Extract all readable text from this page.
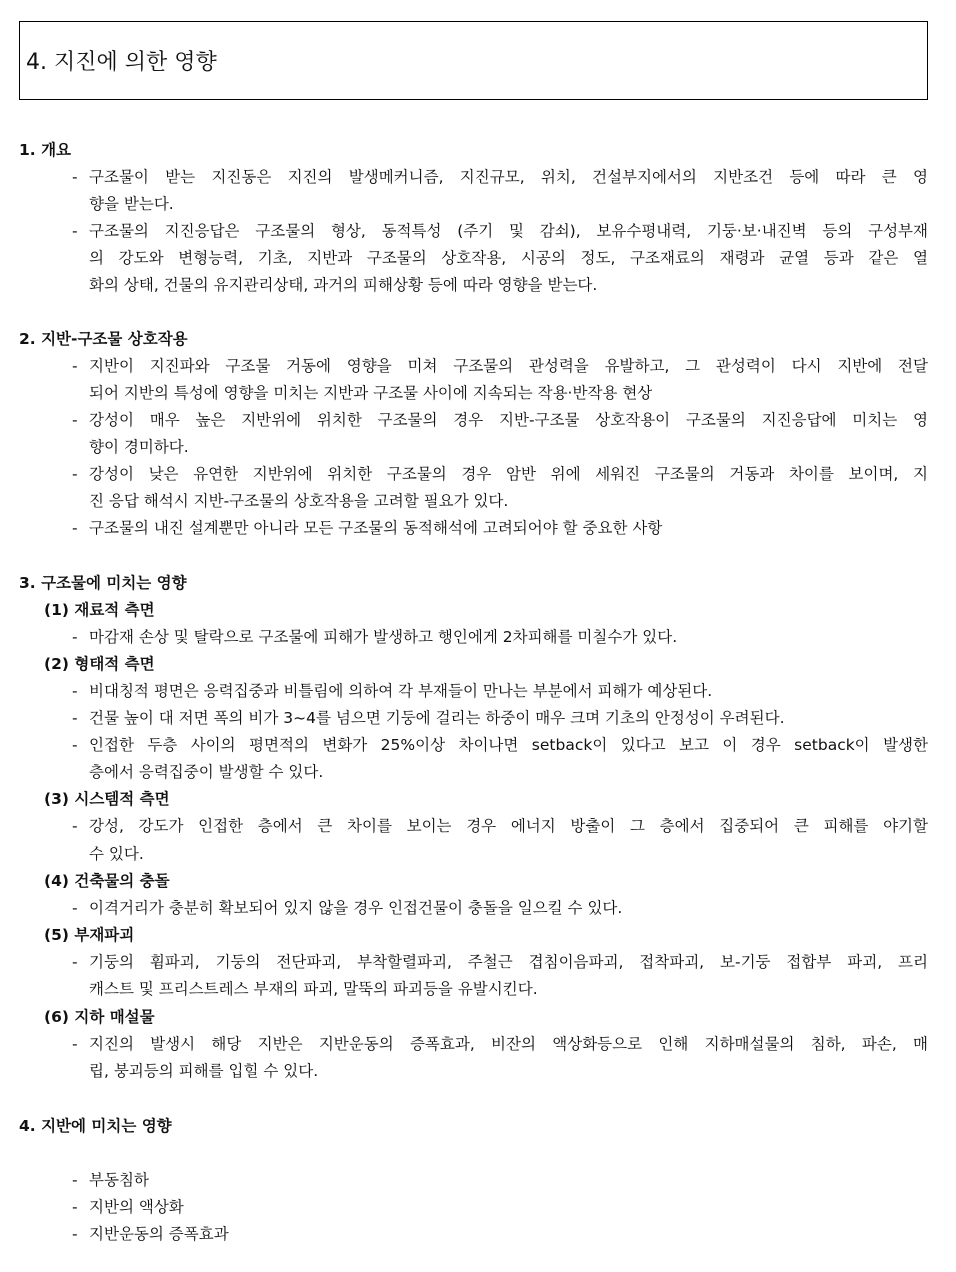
4. 지진에 의한 영향
1. 개요
- 구조물이 받는 지진동은 지진의 발생메커니즘, 지진규모, 위치, 건설부지에서의 지반조건 등에 따라 큰 영
향을 받는다.
- 구조물의 지진응답은 구조물의 형상, 동적특성 (주기 및 감쇠), 보유수평내력, 기둥·보·내진벽 등의 구성부재
의 강도와 변형능력, 기초, 지반과 구조물의 상호작용, 시공의 정도, 구조재료의 재령과 균열 등과 같은 열
화의 상태, 건물의 유지관리상태, 과거의 피해상황 등에 따라 영향을 받는다.
2. 지반-구조물 상호작용
- 지반이 지진파와 구조물 거동에 영향을 미쳐 구조물의 관성력을 유발하고, 그 관성력이 다시 지반에 전달
되어 지반의 특성에 영향을 미치는 지반과 구조물 사이에 지속되는 작용·반작용 현상
- 강성이 매우 높은 지반위에 위치한 구조물의 경우 지반-구조물 상호작용이 구조물의 지진응답에 미치는 영
향이 경미하다.
- 강성이 낮은 유연한 지반위에 위치한 구조물의 경우 암반 위에 세워진 구조물의 거동과 차이를 보이며, 지
진 응답 해석시 지반-구조물의 상호작용을 고려할 필요가 있다.
- 구조물의 내진 설계뿐만 아니라 모든 구조물의 동적해석에 고려되어야 할 중요한 사항
3. 구조물에 미치는 영향
(1) 재료적 측면
- 마감재 손상 및 탈락으로 구조물에 피해가 발생하고 행인에게 2차피해를 미칠수가 있다.
(2) 형태적 측면
- 비대칭적 평면은 응력집중과 비틀림에 의하여 각 부재들이 만나는 부분에서 피해가 예상된다.
- 건물 높이 대 저면 폭의 비가 3~4를 넘으면 기둥에 걸리는 하중이 매우 크며 기초의 안정성이 우려된다.
- 인접한 두층 사이의 평면적의 변화가 25%이상 차이나면 setback이 있다고 보고 이 경우 setback이 발생한
층에서 응력집중이 발생할 수 있다.
(3) 시스템적 측면
- 강성, 강도가 인접한 층에서 큰 차이를 보이는 경우 에너지 방출이 그 층에서 집중되어 큰 피해를 야기할
수 있다.
(4) 건축물의 충돌
- 이격거리가 충분히 확보되어 있지 않을 경우 인접건물이 충돌을 일으킬 수 있다.
(5) 부재파괴
- 기둥의 휨파괴, 기둥의 전단파괴, 부착할렬파괴, 주철근 겹침이음파괴, 접착파괴, 보-기둥 접합부 파괴, 프리
캐스트 및 프리스트레스 부재의 파괴, 말뚝의 파괴등을 유발시킨다.
(6) 지하 매설물
- 지진의 발생시 해당 지반은 지반운동의 증폭효과, 비잔의 액상화등으로 인해 지하매설물의 침하, 파손, 매
립, 붕괴등의 피해를 입힐 수 있다.
4. 지반에 미치는 영향
- 부동침하
- 지반의 액상화
- 지반운동의 증폭효과
